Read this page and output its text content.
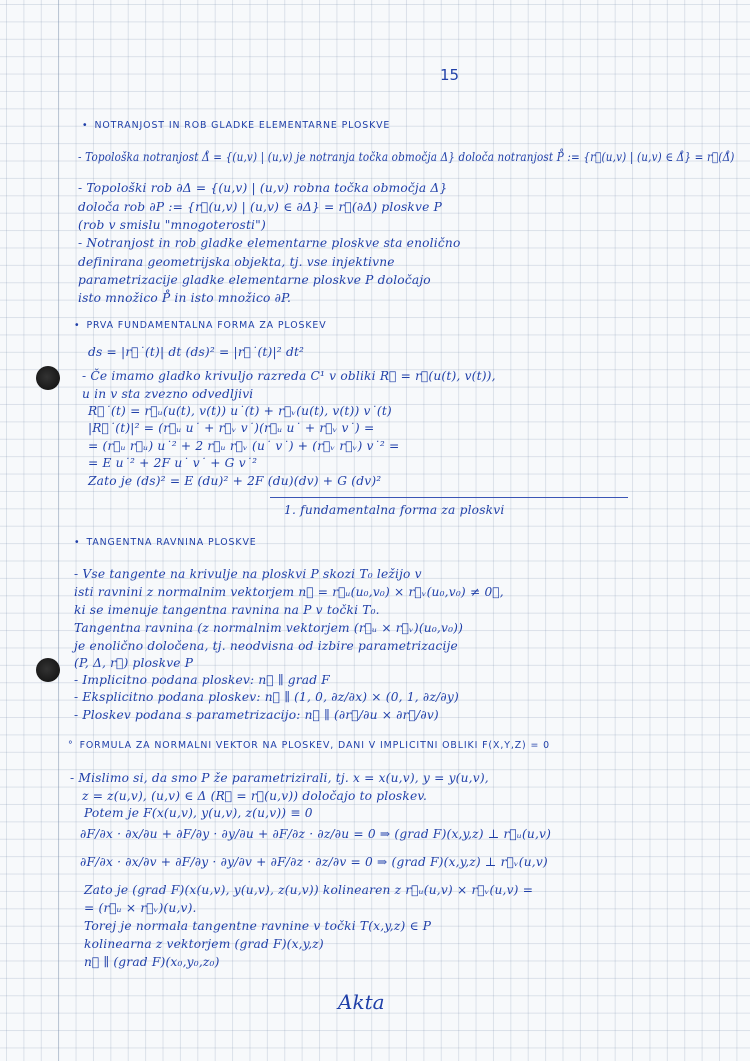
15
• NOTRANJOST IN ROB GLADKE ELEMENTARNE PLOSKVE
- Topološka notranjost Δ̊ = {(u,v) | (u,v) je notranja točka območja Δ} določa notranjost P̊ := {r⃗(u,v) | (u,v) ∈ Δ̊} = r⃗(Δ̊)
- Topološki rob ∂Δ = {(u,v) | (u,v) robna točka območja Δ}
določa rob ∂P := {r⃗(u,v) | (u,v) ∈ ∂Δ} = r⃗(∂Δ) ploskve P
(rob v smislu "mnogoterosti")
- Notranjost in rob gladke elementarne ploskve sta enolično
definirana geometrijska objekta, tj. vse injektivne
parametrizacije gladke elementarne ploskve P določajo
isto množico P̊ in isto množico ∂P.
• PRVA FUNDAMENTALNA FORMA ZA PLOSKEV
ds = |r⃗˙(t)| dt (ds)² = |r⃗˙(t)|² dt²
- Če imamo gladko krivuljo razreda C¹ v obliki R⃗ = r⃗(u(t), v(t)),
u in v sta zvezno odvedljivi
R⃗˙(t) = r⃗ᵤ(u(t), v(t)) u˙(t) + r⃗ᵥ(u(t), v(t)) v˙(t)
|R⃗˙(t)|² = (r⃗ᵤ u˙ + r⃗ᵥ v˙)(r⃗ᵤ u˙ + r⃗ᵥ v˙) =
= (r⃗ᵤ r⃗ᵤ) u˙² + 2 r⃗ᵤ r⃗ᵥ (u˙ v˙) + (r⃗ᵥ r⃗ᵥ) v˙² =
= E u˙² + 2F u˙ v˙ + G v˙²
Zato je (ds)² = E (du)² + 2F (du)(dv) + G (dv)²
1. fundamentalna forma za ploskvi
• TANGENTNA RAVNINA PLOSKVE
- Vse tangente na krivulje na ploskvi P skozi T₀ ležijo v
isti ravnini z normalnim vektorjem n⃗ = r⃗ᵤ(u₀,v₀) × r⃗ᵥ(u₀,v₀) ≠ 0⃗,
ki se imenuje tangentna ravnina na P v točki T₀.
Tangentna ravnina (z normalnim vektorjem (r⃗ᵤ × r⃗ᵥ)(u₀,v₀))
je enolično določena, tj. neodvisna od izbire parametrizacije
(P, Δ, r⃗) ploskve P
- Implicitno podana ploskev: n⃗ ∥ grad F
- Eksplicitno podana ploskev: n⃗ ∥ (1, 0, ∂z/∂x) × (0, 1, ∂z/∂y)
- Ploskev podana s parametrizacijo: n⃗ ∥ (∂r⃗/∂u × ∂r⃗/∂v)
° FORMULA ZA NORMALNI VEKTOR NA PLOSKEV, DANI V IMPLICITNI OBLIKI F(X,Y,Z) = 0
- Mislimo si, da smo P že parametrizirali, tj. x = x(u,v), y = y(u,v),
z = z(u,v), (u,v) ∈ Δ (R⃗ = r⃗(u,v)) določajo to ploskev.
Potem je F(x(u,v), y(u,v), z(u,v)) ≡ 0
∂F/∂x · ∂x/∂u + ∂F/∂y · ∂y/∂u + ∂F/∂z · ∂z/∂u = 0 ⇒ (grad F)(x,y,z) ⊥ r⃗ᵤ(u,v)
∂F/∂x · ∂x/∂v + ∂F/∂y · ∂y/∂v + ∂F/∂z · ∂z/∂v = 0 ⇒ (grad F)(x,y,z) ⊥ r⃗ᵥ(u,v)
Zato je (grad F)(x(u,v), y(u,v), z(u,v)) kolinearen z r⃗ᵤ(u,v) × r⃗ᵥ(u,v) =
= (r⃗ᵤ × r⃗ᵥ)(u,v).
Torej je normala tangentne ravnine v točki T(x,y,z) ∈ P
kolinearna z vektorjem (grad F)(x,y,z)
n⃗ ∥ (grad F)(x₀,y₀,z₀)
Akta
